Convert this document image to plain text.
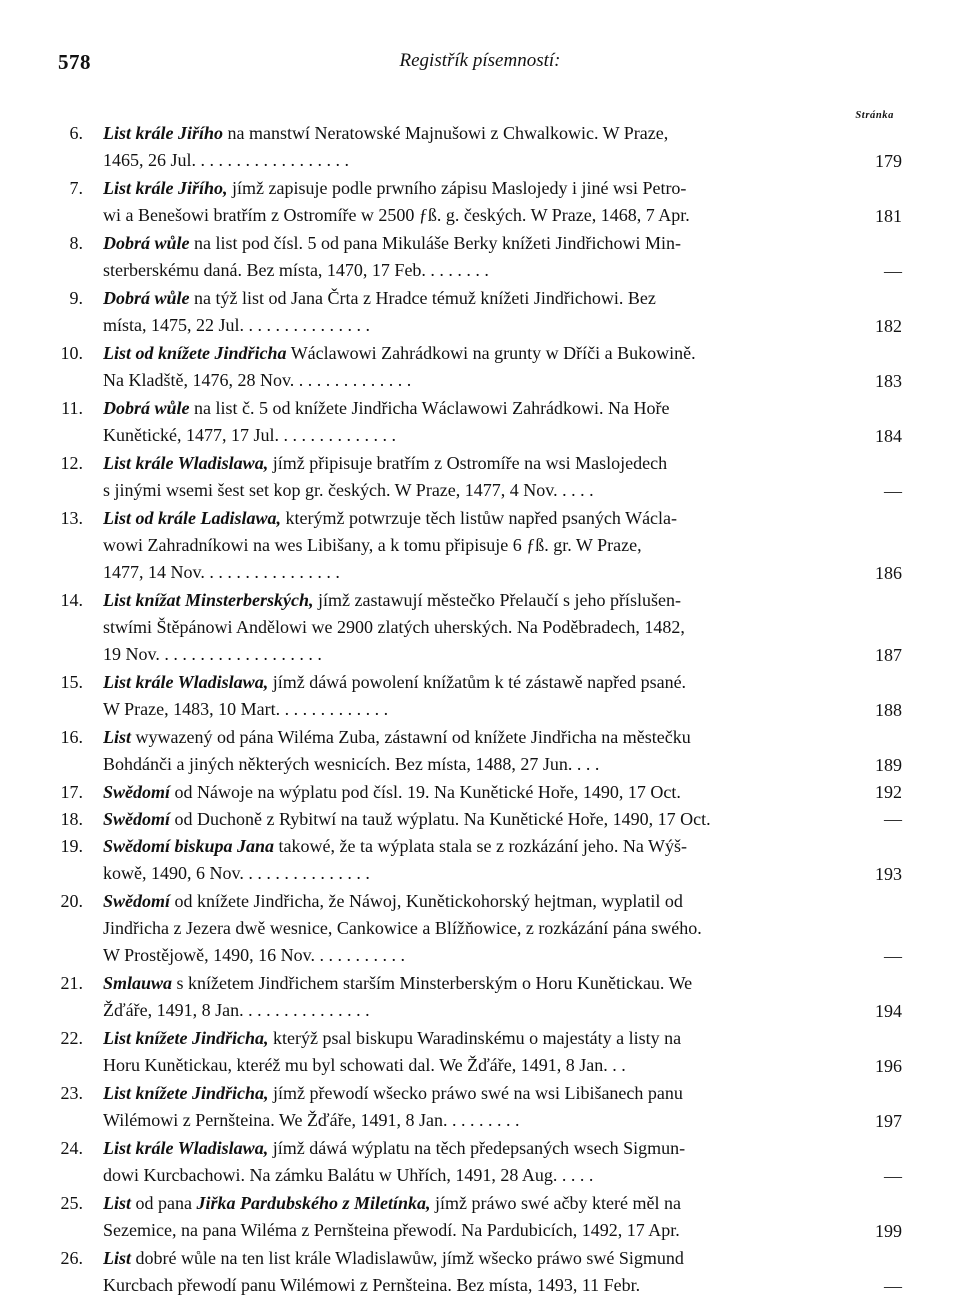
578	Registřík písemností:
Stránka
6. List krále Jiřího na manstwí Neratowské Majnušowi z Chwalkowic. W Praze,
1465, 26 Jul. . . . . . . . . . . . . . . . . .	179
7. List krále Jiřího, jímž zapisuje podle prwního zápisu Maslojedy i jiné wsi Petro-
wi a Benešowi bratřím z Ostromíře w 2500 ƒß. g. českých. W Praze, 1468, 7 Apr.	181
8. Dobrá wůle na list pod čísl. 5 od pana Mikuláše Berky knížeti Jindřichowi Min-
sterberskému daná. Bez místa, 1470, 17 Feb. . . . . . . .	—
9. Dobrá wůle na týž list od Jana Črta z Hradce témuž knížeti Jindřichowi. Bez
místa, 1475, 22 Jul. . . . . . . . . . . . . . .	182
10. List od knížete Jindřicha Wáclawowi Zahrádkowi na grunty w Dříči a Bukowině.
Na Kladště, 1476, 28 Nov. . . . . . . . . . . . . .	183
11. Dobrá wůle na list č. 5 od knížete Jindřicha Wáclawowi Zahrádkowi. Na Hoře
Kunětické, 1477, 17 Jul. . . . . . . . . . . . . .	184
12. List krále Wladislawa, jímž připisuje bratřím z Ostromíře na wsi Maslojedech
s jinými wsemi šest set kop gr. českých. W Praze, 1477, 4 Nov. . . . .	—
13. List od krále Ladislawa, kterýmž potwrzuje těch listůw napřed psaných Wácla-
wowi Zahradníkowi na wes Libišany, a k tomu připisuje 6 ƒß. gr. W Praze,
1477, 14 Nov. . . . . . . . . . . . . . . .	186
14. List knížat Minsterberských, jímž zastawují městečko Přelaučí s jeho příslušen-
stwími Štěpánowi Anděl​owi we 2900 zlatých uherských. Na Poděbradech, 1482,
19 Nov. . . . . . . . . . . . . . . . . . .	187
15. List krále Wladislawa, jímž dáwá powolení knížatům k té zástawě napřed psané.
W Praze, 1483, 10 Mart. . . . . . . . . . . . .	188
16. List wywazený od pána Wiléma Zuba, zástawní od knížete Jindřicha na městečku
Bohdánči a jiných některých wesnicích. Bez místa, 1488, 27 Jun. . . .	189
17. Swědomí od Náwoje na wýplatu pod čísl. 19. Na Kunětické Hoře, 1490, 17 Oct.	192
18. Swědomí od Duchoně z Rybitwí na tauž wýplatu. Na Kunětické Hoře, 1490, 17 Oct.	—
19. Swědomí biskupa Jana takowé, že ta wýplata stala se z rozkázání jeho. Na Wýš-
kowě, 1490, 6 Nov. . . . . . . . . . . . . . .	193
20. Swědomí od knížete Jindřicha, že Náwoj, Kunětickohorský hejtman, wyplatil od
Jindřicha z Jezera dwě wesnice, Cankowice a Blížňowice, z rozkázání pána swého.
W Prostějowě, 1490, 16 Nov. . . . . . . . . . .	—
21. Smlauwa s knížetem Jindřichem starším Minsterberským o Horu Kunětickau. We
Žďáře, 1491, 8 Jan. . . . . . . . . . . . . . .	194
22. List knížete Jindřicha, kterýž psal biskupu Waradinskému o majestáty a listy na
Horu Kunětickau, kteréž mu byl schowati dal. We Žďáře, 1491, 8 Jan. . .	196
23. List knížete Jindřicha, jímž přewodí wšecko práwo swé na wsi Libišanech panu
Wilémowi z Pernšteina. We Žďáře, 1491, 8 Jan. . . . . . . . .	197
24. List krále Wladislawa, jímž dáwá wýplatu na těch předepsaných wsech Sigmun-
dowi Kurcbachowi. Na zámku Balátu w Uhřích, 1491, 28 Aug. . . . .	—
25. List od pana Jiřka Pardubského z Miletínka, jímž práwo swé ačby které měl na
Sezemice, na pana Wiléma z Pernšteina přewodí. Na Pardubicích, 1492, 17 Apr.	199
26. List dobré wůle na ten list krále Wladislawůw, jímž wšecko práwo swé Sigmund
Kurcbach přewodí panu Wilémowi z Pernšteina. Bez místa, 1493, 11 Febr.	—
